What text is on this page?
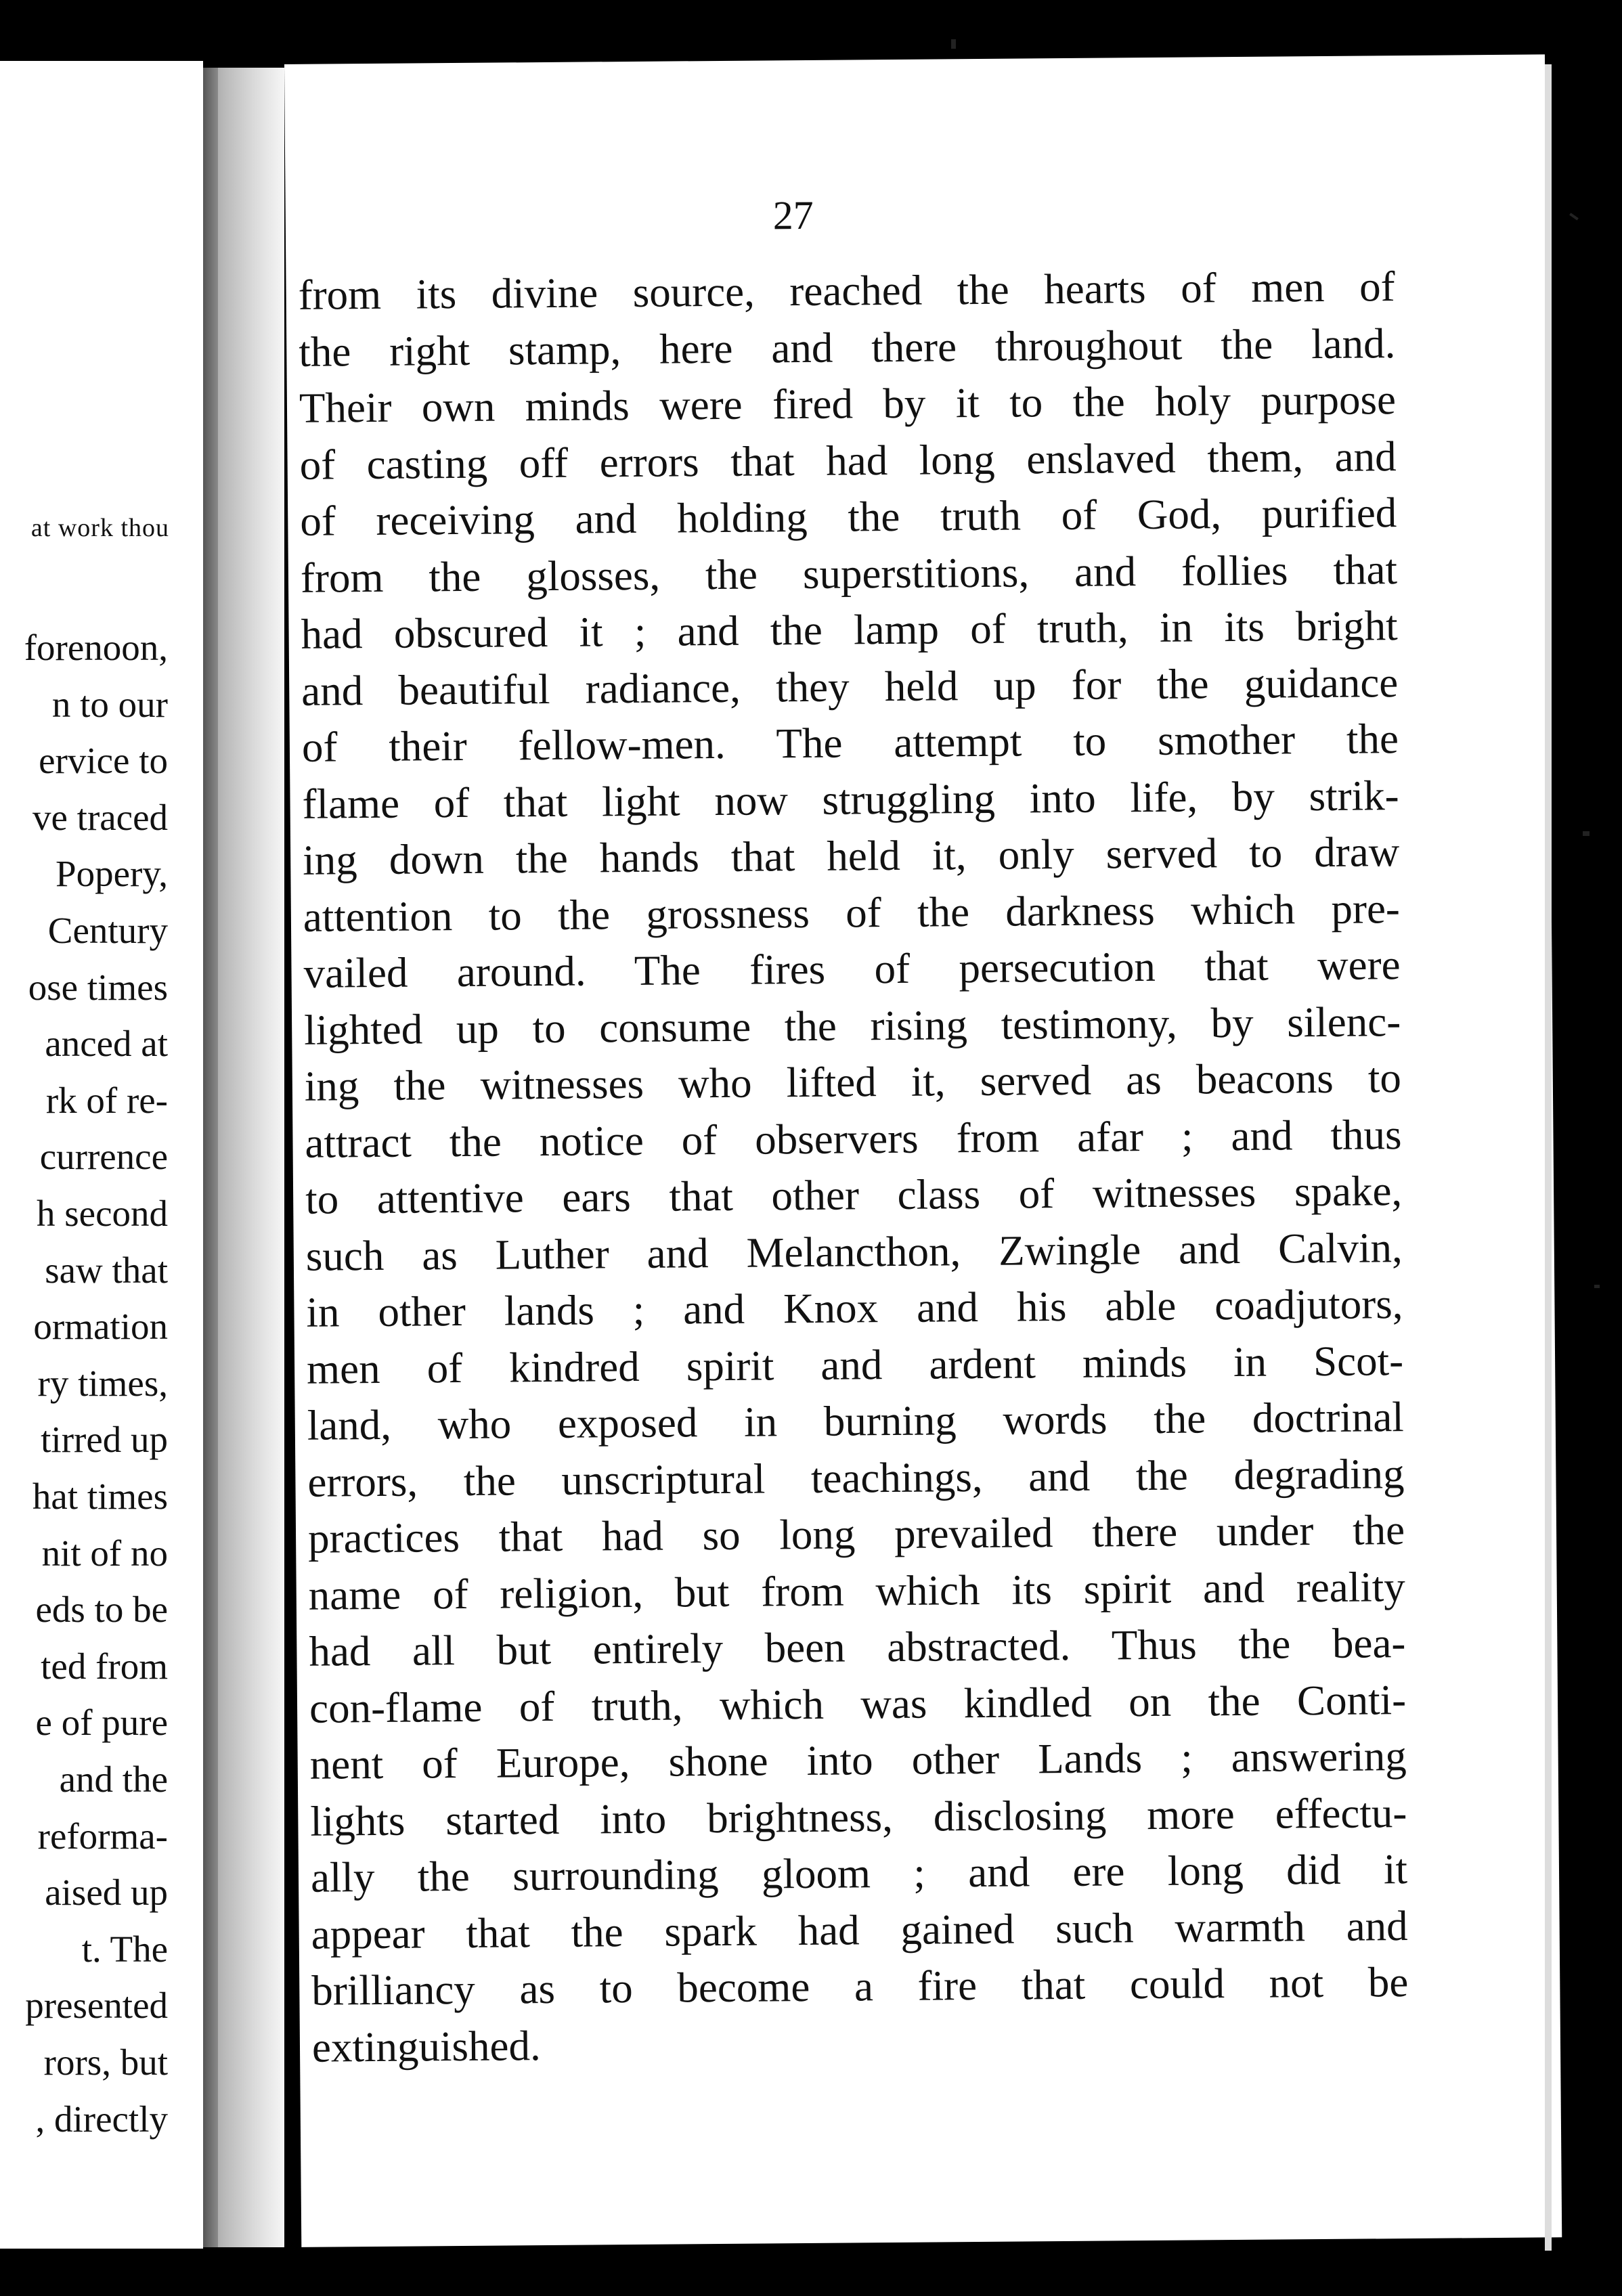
at work thou
forenoon,
n to our
ervice to
ve traced
Popery,
Century
ose times
anced at
rk of re-
currence
h second
saw that
ormation
ry times,
tirred up
hat times
nit of no
eds to be
ted from
e of pure
and the
reforma-
aised up
t. The
presented
rors, but
, directly
27
from its divine source, reached the hearts of men of
the right stamp, here and there throughout the land.
Their own minds were fired by it to the holy purpose
of casting off errors that had long enslaved them, and
of receiving and holding the truth of God, purified
from the glosses, the superstitions, and follies that
had obscured it ; and the lamp of truth, in its bright
and beautiful radiance, they held up for the guidance
of their fellow-men. The attempt to smother the
flame of that light now struggling into life, by strik-
ing down the hands that held it, only served to draw
attention to the grossness of the darkness which pre-
vailed around. The fires of persecution that were
lighted up to consume the rising testimony, by silenc-
ing the witnesses who lifted it, served as beacons to
attract the notice of observers from afar ; and thus
to attentive ears that other class of witnesses spake,
such as Luther and Melancthon, Zwingle and Calvin,
in other lands ; and Knox and his able coadjutors,
men of kindred spirit and ardent minds in Scot-
land, who exposed in burning words the doctrinal
errors, the unscriptural teachings, and the degrading
practices that had so long prevailed there under the
name of religion, but from which its spirit and reality
had all but entirely been abstracted. Thus the bea-
con-flame of truth, which was kindled on the Conti-
nent of Europe, shone into other Lands ; answering
lights started into brightness, disclosing more effectu-
ally the surrounding gloom ; and ere long did it
appear that the spark had gained such warmth and
brilliancy as to become a fire that could not be
extinguished.
